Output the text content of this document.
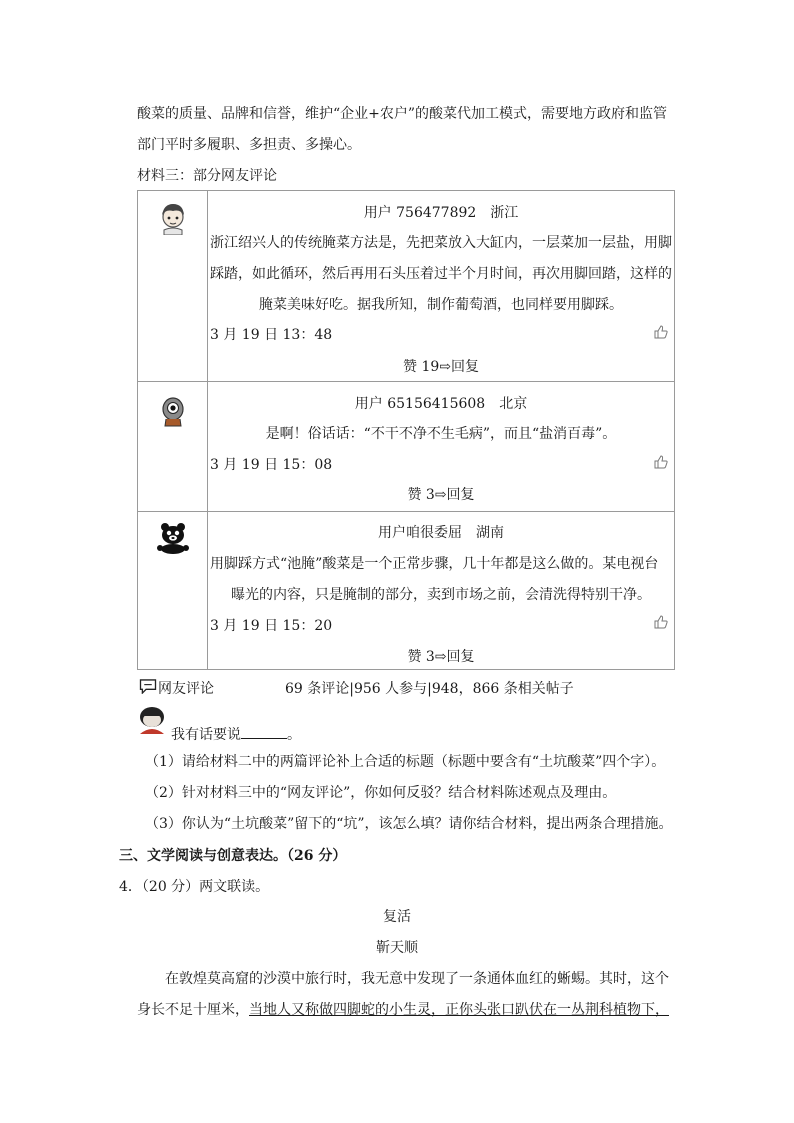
酸菜的质量、品牌和信誉，维护“企业+农户”的酸菜代加工模式，需要地方政府和监管
部门平时多履职、多担责、多操心。
材料三：部分网友评论
用户 756477892　浙江
浙江绍兴人的传统腌菜方法是，先把菜放入大缸内，一层菜加一层盐，用脚
踩踏，如此循环，然后再用石头压着过半个月时间，再次用脚回踏，这样的
腌菜美味好吃。据我所知，制作葡萄酒，也同样要用脚踩。
3 月 19 日 13：48
赞 19⇨回复
用户 65156415608　北京
是啊！俗话话：“不干不净不生毛病”，而且“盐消百毒”。
3 月 19 日 15：08
赞 3⇨回复
用户咱很委屈　湖南
用脚踩方式“池腌”酸菜是一个正常步骤，几十年都是这么做的。某电视台
曝光的内容，只是腌制的部分，卖到市场之前，会清洗得特别干净。
3 月 19 日 15：20
赞 3⇨回复
网友评论	69 条评论|956 人参与|948，866 条相关帖子
我有话要说	。
（1）请给材料二中的两篇评论补上合适的标题（标题中要含有“土坑酸菜”四个字）。
（2）针对材料三中的“网友评论”，你如何反驳？结合材料陈述观点及理由。
（3）你认为“土坑酸菜”留下的“坑”，该怎么填？请你结合材料，提出两条合理措施。
三、文学阅读与创意表达。（26 分）
4．（20 分）两文联读。
复活
靳天顺
在敦煌莫高窟的沙漠中旅行时，我无意中发现了一条通体血红的蜥蜴。其时，这个
身长不足十厘米，当地人又称做四脚蛇的小生灵，正你头张口趴伏在一丛荆科植物下，
